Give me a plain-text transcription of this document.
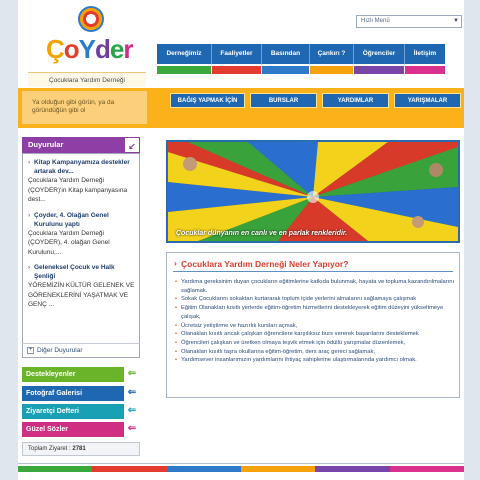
ÇoYder
Çocuklara Yardım Derneği
Hızlı Menü	▼
Derneğimiz	Faaliyetler	Basından	Çankırı ?	Öğrenciler	İletişim
Ya olduğun gibi görün, ya da
göründüğün gibi ol
BAĞIŞ YAPMAK İÇİN	BURSLAR	YARDIMLAR	YARIŞMALAR
Duyurular	↙
› Kitap Kampanyamıza destekler artarak dev...
Çocuklara Yardım Derneği (ÇOYDER)'in Kitap kampanyasına dest...
› Çoyder, 4. Olağan Genel Kurulunu yaptı
Çocuklara Yardım Derneği (ÇOYDER), 4. olağan Genel Kurulunu,...
› Geleneksel Çocuk ve Halk Şenliği
YÖREMİZİN KÜLTÜR GELENEK VE GÖRENEKLERİNİ YAŞATMAK VE GENÇ ...
+ Diğer Duyurular
Destekleyenler	⇐
Fotoğraf Galerisi	⇐
Ziyaretçi Defteri	⇐
Güzel Sözler	⇐
Toplam Ziyaret : 2781
Çocuklar dünyanın en canlı ve en parlak renkleridir.
› Çocuklara Yardım Derneği Neler Yapıyor?
• Yardıma gereksinim duyan çocukların eğitimlerine katkıda bulunmak, hayata ve topluma kazandırılmalarını sağlamak.
• Sokak Çocuklarını sokaktan kurtararak toplum içide yerlerini almalarını sağlamaya çalışmak
• Eğitim Olanakları kısıtlı yerlerde eğitim-öğretim hizmetlerini destekleyerek eğitim düzeyini yükseltmeye çalışak,
• Ücretsiz yetiştirme ve hazırlık kursları açmak,
• Olanakları kısıtlı ancak çalışkan öğrencilere karşılıksız burs vererek başarılarını desteklemek
• Öğrencileri çalışkan ve üretken olmaya teşvik etmek için ödüllü yarışmalar düzenlemek,
• Olanakları kısıtlı taşra okullarına eğitim-öğretim, ders araç gereci sağlamak,
• Yardımsever insanlarımızın yardımlarını ihtiyaç sahiplerine ulaştırmalarında yardımcı olmak.
